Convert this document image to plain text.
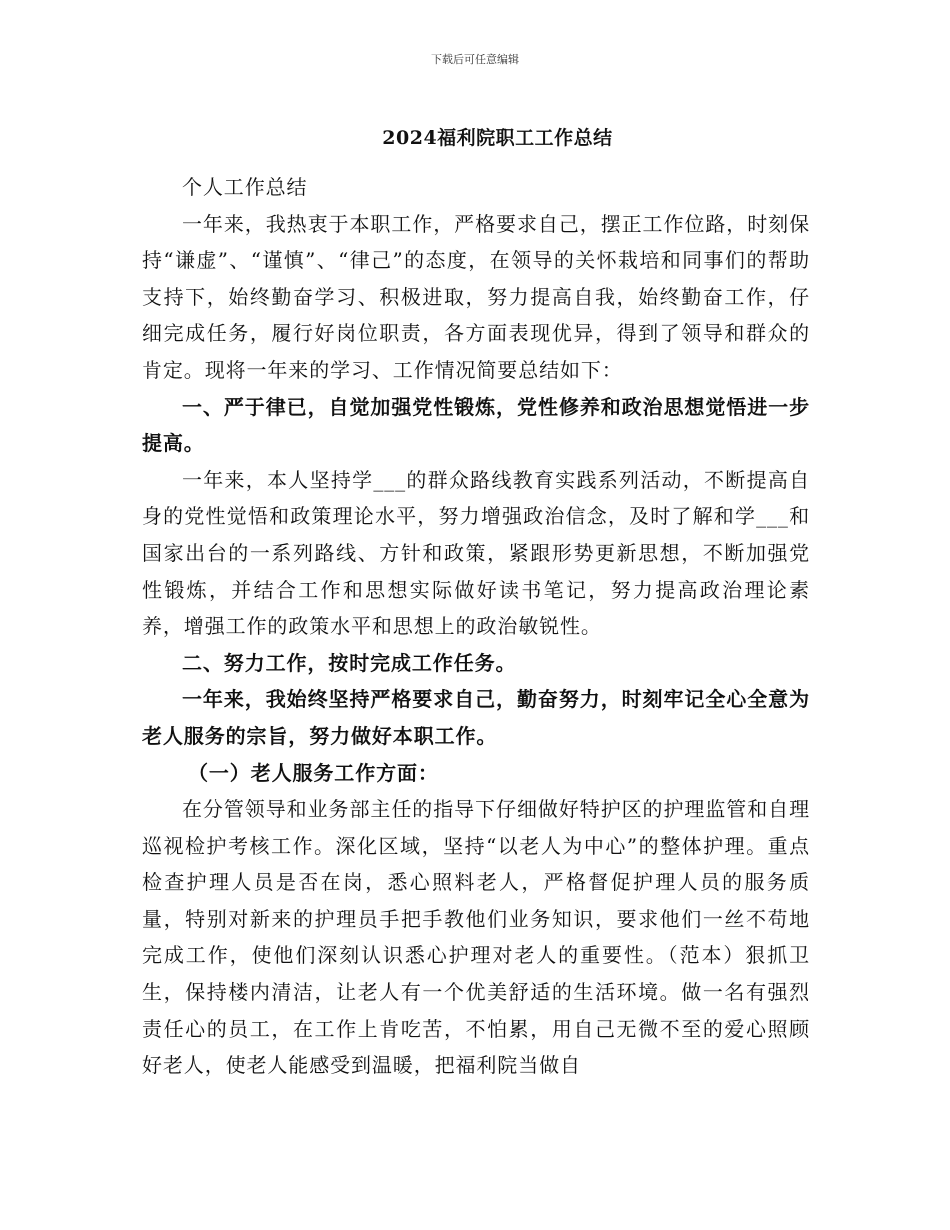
下载后可任意编辑
2024福利院职工工作总结

个人工作总结

一年来，我热衷于本职工作，严格要求自己，摆正工作位路，时刻保持“谦虚”、“谨慎”、“律己”的态度，在领导的关怀栽培和同事们的帮助支持下，始终勤奋学习、积极进取，努力提高自我，始终勤奋工作，仔细完成任务，履行好岗位职责，各方面表现优异，得到了领导和群众的肯定。现将一年来的学习、工作情况简要总结如下：

一、严于律已，自觉加强党性锻炼，党性修养和政治思想觉悟进一步提高。

一年来，本人坚持学___的群众路线教育实践系列活动，不断提高自身的党性觉悟和政策理论水平，努力增强政治信念，及时了解和学___和国家出台的一系列路线、方针和政策，紧跟形势更新思想，不断加强党性锻炼，并结合工作和思想实际做好读书笔记，努力提高政治理论素养，增强工作的政策水平和思想上的政治敏锐性。

二、努力工作，按时完成工作任务。

一年来，我始终坚持严格要求自己，勤奋努力，时刻牢记全心全意为老人服务的宗旨，努力做好本职工作。

（一）老人服务工作方面：

在分管领导和业务部主任的指导下仔细做好特护区的护理监管和自理巡视检护考核工作。深化区域，坚持“以老人为中心”的整体护理。重点检查护理人员是否在岗，悉心照料老人，严格督促护理人员的服务质量，特别对新来的护理员手把手教他们业务知识，要求他们一丝不苟地完成工作，使他们深刻认识悉心护理对老人的重要性。（范本）狠抓卫生，保持楼内清洁，让老人有一个优美舒适的生活环境。做一名有强烈责任心的员工，在工作上肯吃苦，不怕累，用自己无微不至的爱心照顾好老人，使老人能感受到温暖，把福利院当做自
